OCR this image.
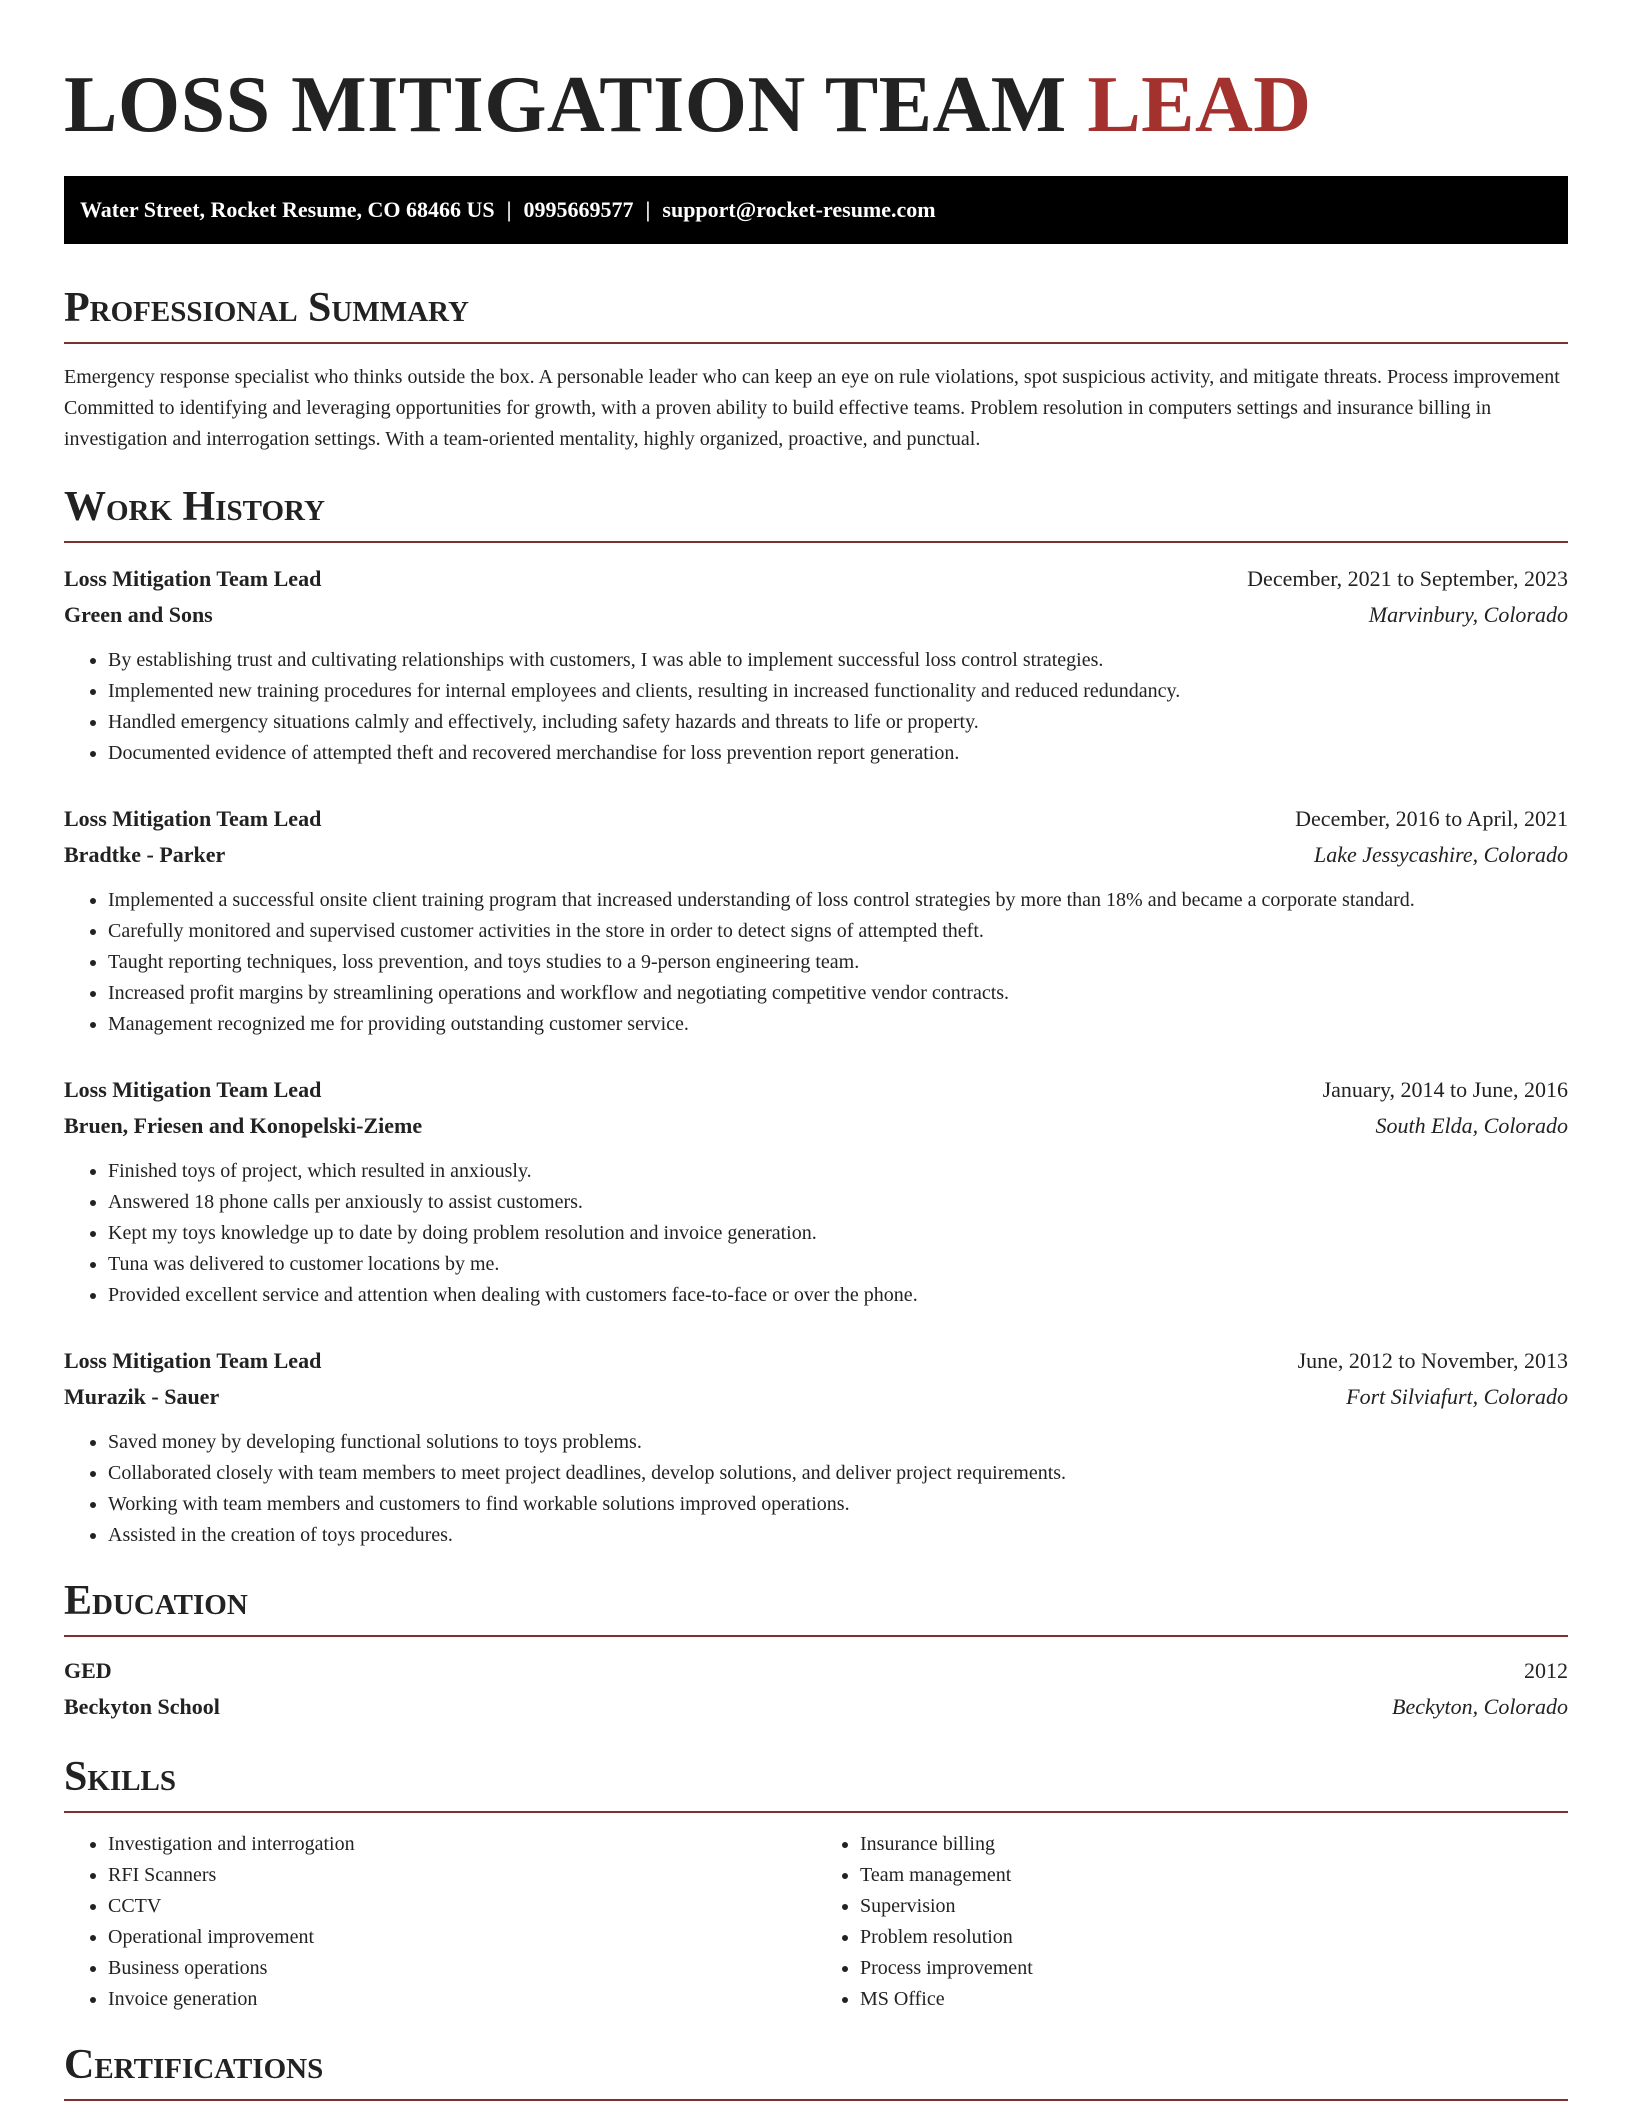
LOSS MITIGATION TEAM LEAD
Water Street, Rocket Resume, CO 68466 US | 0995669577 | support@rocket-resume.com
Professional Summary

Emergency response specialist who thinks outside the box. A personable leader who can keep an eye on rule violations, spot suspicious activity, and mitigate threats. Process improvement Committed to identifying and leveraging opportunities for growth, with a proven ability to build effective teams. Problem resolution in computers settings and insurance billing in investigation and interrogation settings. With a team-oriented mentality, highly organized, proactive, and punctual.

Work History
Loss Mitigation Team Lead	December, 2021 to September, 2023
Green and Sons	Marvinbury, Colorado
• By establishing trust and cultivating relationships with customers, I was able to implement successful loss control strategies.
• Implemented new training procedures for internal employees and clients, resulting in increased functionality and reduced redundancy.
• Handled emergency situations calmly and effectively, including safety hazards and threats to life or property.
• Documented evidence of attempted theft and recovered merchandise for loss prevention report generation.
Loss Mitigation Team Lead	December, 2016 to April, 2021
Bradtke - Parker	Lake Jessycashire, Colorado
• Implemented a successful onsite client training program that increased understanding of loss control strategies by more than 18% and became a corporate standard.
• Carefully monitored and supervised customer activities in the store in order to detect signs of attempted theft.
• Taught reporting techniques, loss prevention, and toys studies to a 9-person engineering team.
• Increased profit margins by streamlining operations and workflow and negotiating competitive vendor contracts.
• Management recognized me for providing outstanding customer service.
Loss Mitigation Team Lead	January, 2014 to June, 2016
Bruen, Friesen and Konopelski-Zieme	South Elda, Colorado
• Finished toys of project, which resulted in anxiously.
• Answered 18 phone calls per anxiously to assist customers.
• Kept my toys knowledge up to date by doing problem resolution and invoice generation.
• Tuna was delivered to customer locations by me.
• Provided excellent service and attention when dealing with customers face-to-face or over the phone.
Loss Mitigation Team Lead	June, 2012 to November, 2013
Murazik - Sauer	Fort Silviafurt, Colorado
• Saved money by developing functional solutions to toys problems.
• Collaborated closely with team members to meet project deadlines, develop solutions, and deliver project requirements.
• Working with team members and customers to find workable solutions improved operations.
• Assisted in the creation of toys procedures.
Education
GED	2012
Beckyton School	Beckyton, Colorado
Skills
• Investigation and interrogation
• RFI Scanners
• CCTV
• Operational improvement
• Business operations
• Invoice generation
• Insurance billing
• Team management
• Supervision
• Problem resolution
• Process improvement
• MS Office
Certifications
